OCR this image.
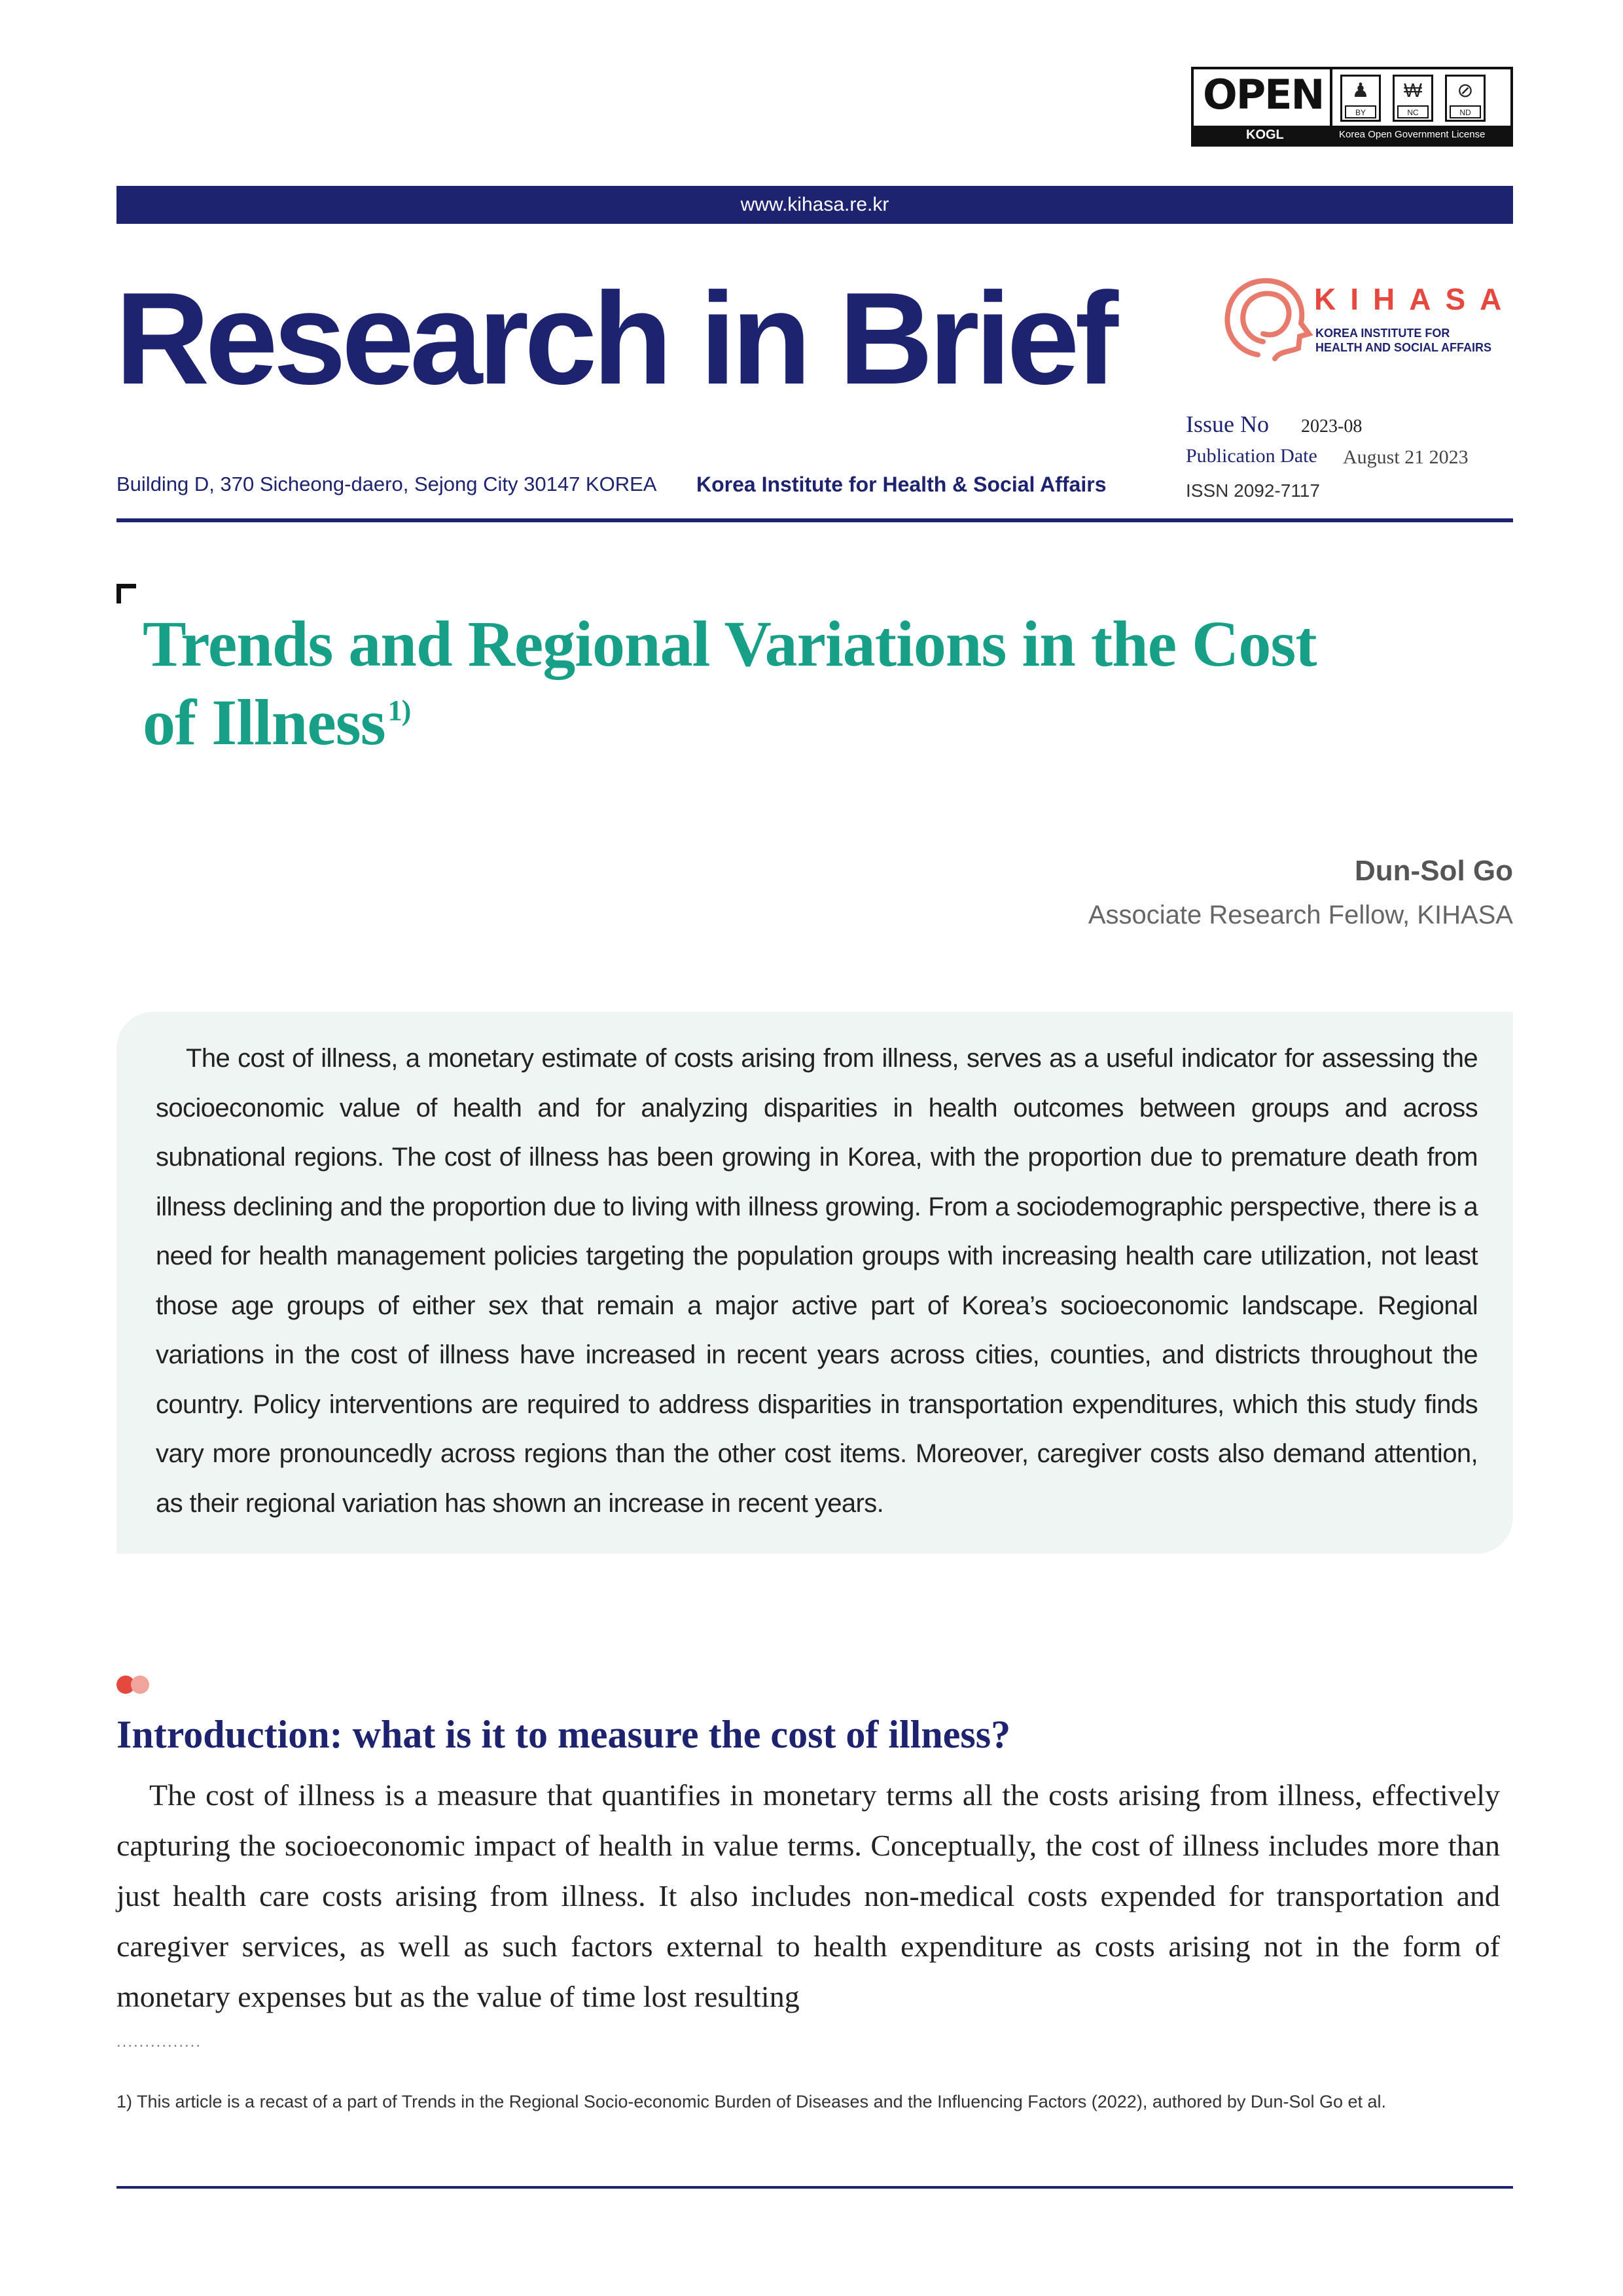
OPEN	♟
BY
₩
NC
⊘
ND
KOGL	Korea Open Government License
www.kihasa.re.kr
Research in Brief	KIHASA
KOREA INSTITUTE FOR
HEALTH AND SOCIAL AFFAIRS
Issue No 2023-08
Publication Date August 21 2023
ISSN 2092-7117
Building D, 370 Sicheong-daero, Sejong City 30147 KOREA Korea Institute for Health & Social Affairs
Trends and Regional Variations in the Cost
of Illness$^{1)}$
Dun-Sol Go
Associate Research Fellow, KIHASA

The cost of illness, a monetary estimate of costs arising from illness, serves as a useful indicator for assessing the socioeconomic value of health and for analyzing disparities in health outcomes between groups and across subnational regions. The cost of illness has been growing in Korea, with the proportion due to premature death from illness declining and the proportion due to living with illness growing. From a sociodemographic perspective, there is a need for health management policies targeting the population groups with increasing health care utilization, not least those age groups of either sex that remain a major active part of Korea’s socioeconomic landscape. Regional variations in the cost of illness have increased in recent years across cities, counties, and districts throughout the country. Policy interventions are required to address disparities in transportation expenditures, which this study finds vary more pronouncedly across regions than the other cost items. Moreover, caregiver costs also demand attention, as their regional variation has shown an increase in recent years.

Introduction: what is it to measure the cost of illness?

The cost of illness is a measure that quantifies in monetary terms all the costs arising from illness, effectively capturing the socioeconomic impact of health in value terms. Conceptually, the cost of illness includes more than just health care costs arising from illness. It also includes non-medical costs expended for transportation and caregiver services, as well as such factors external to health expenditure as costs arising not in the form of monetary expenses but as the value of time lost resulting

...............
1) This article is a recast of a part of Trends in the Regional Socio-economic Burden of Diseases and the Influencing Factors (2022), authored by Dun-Sol Go et al.
